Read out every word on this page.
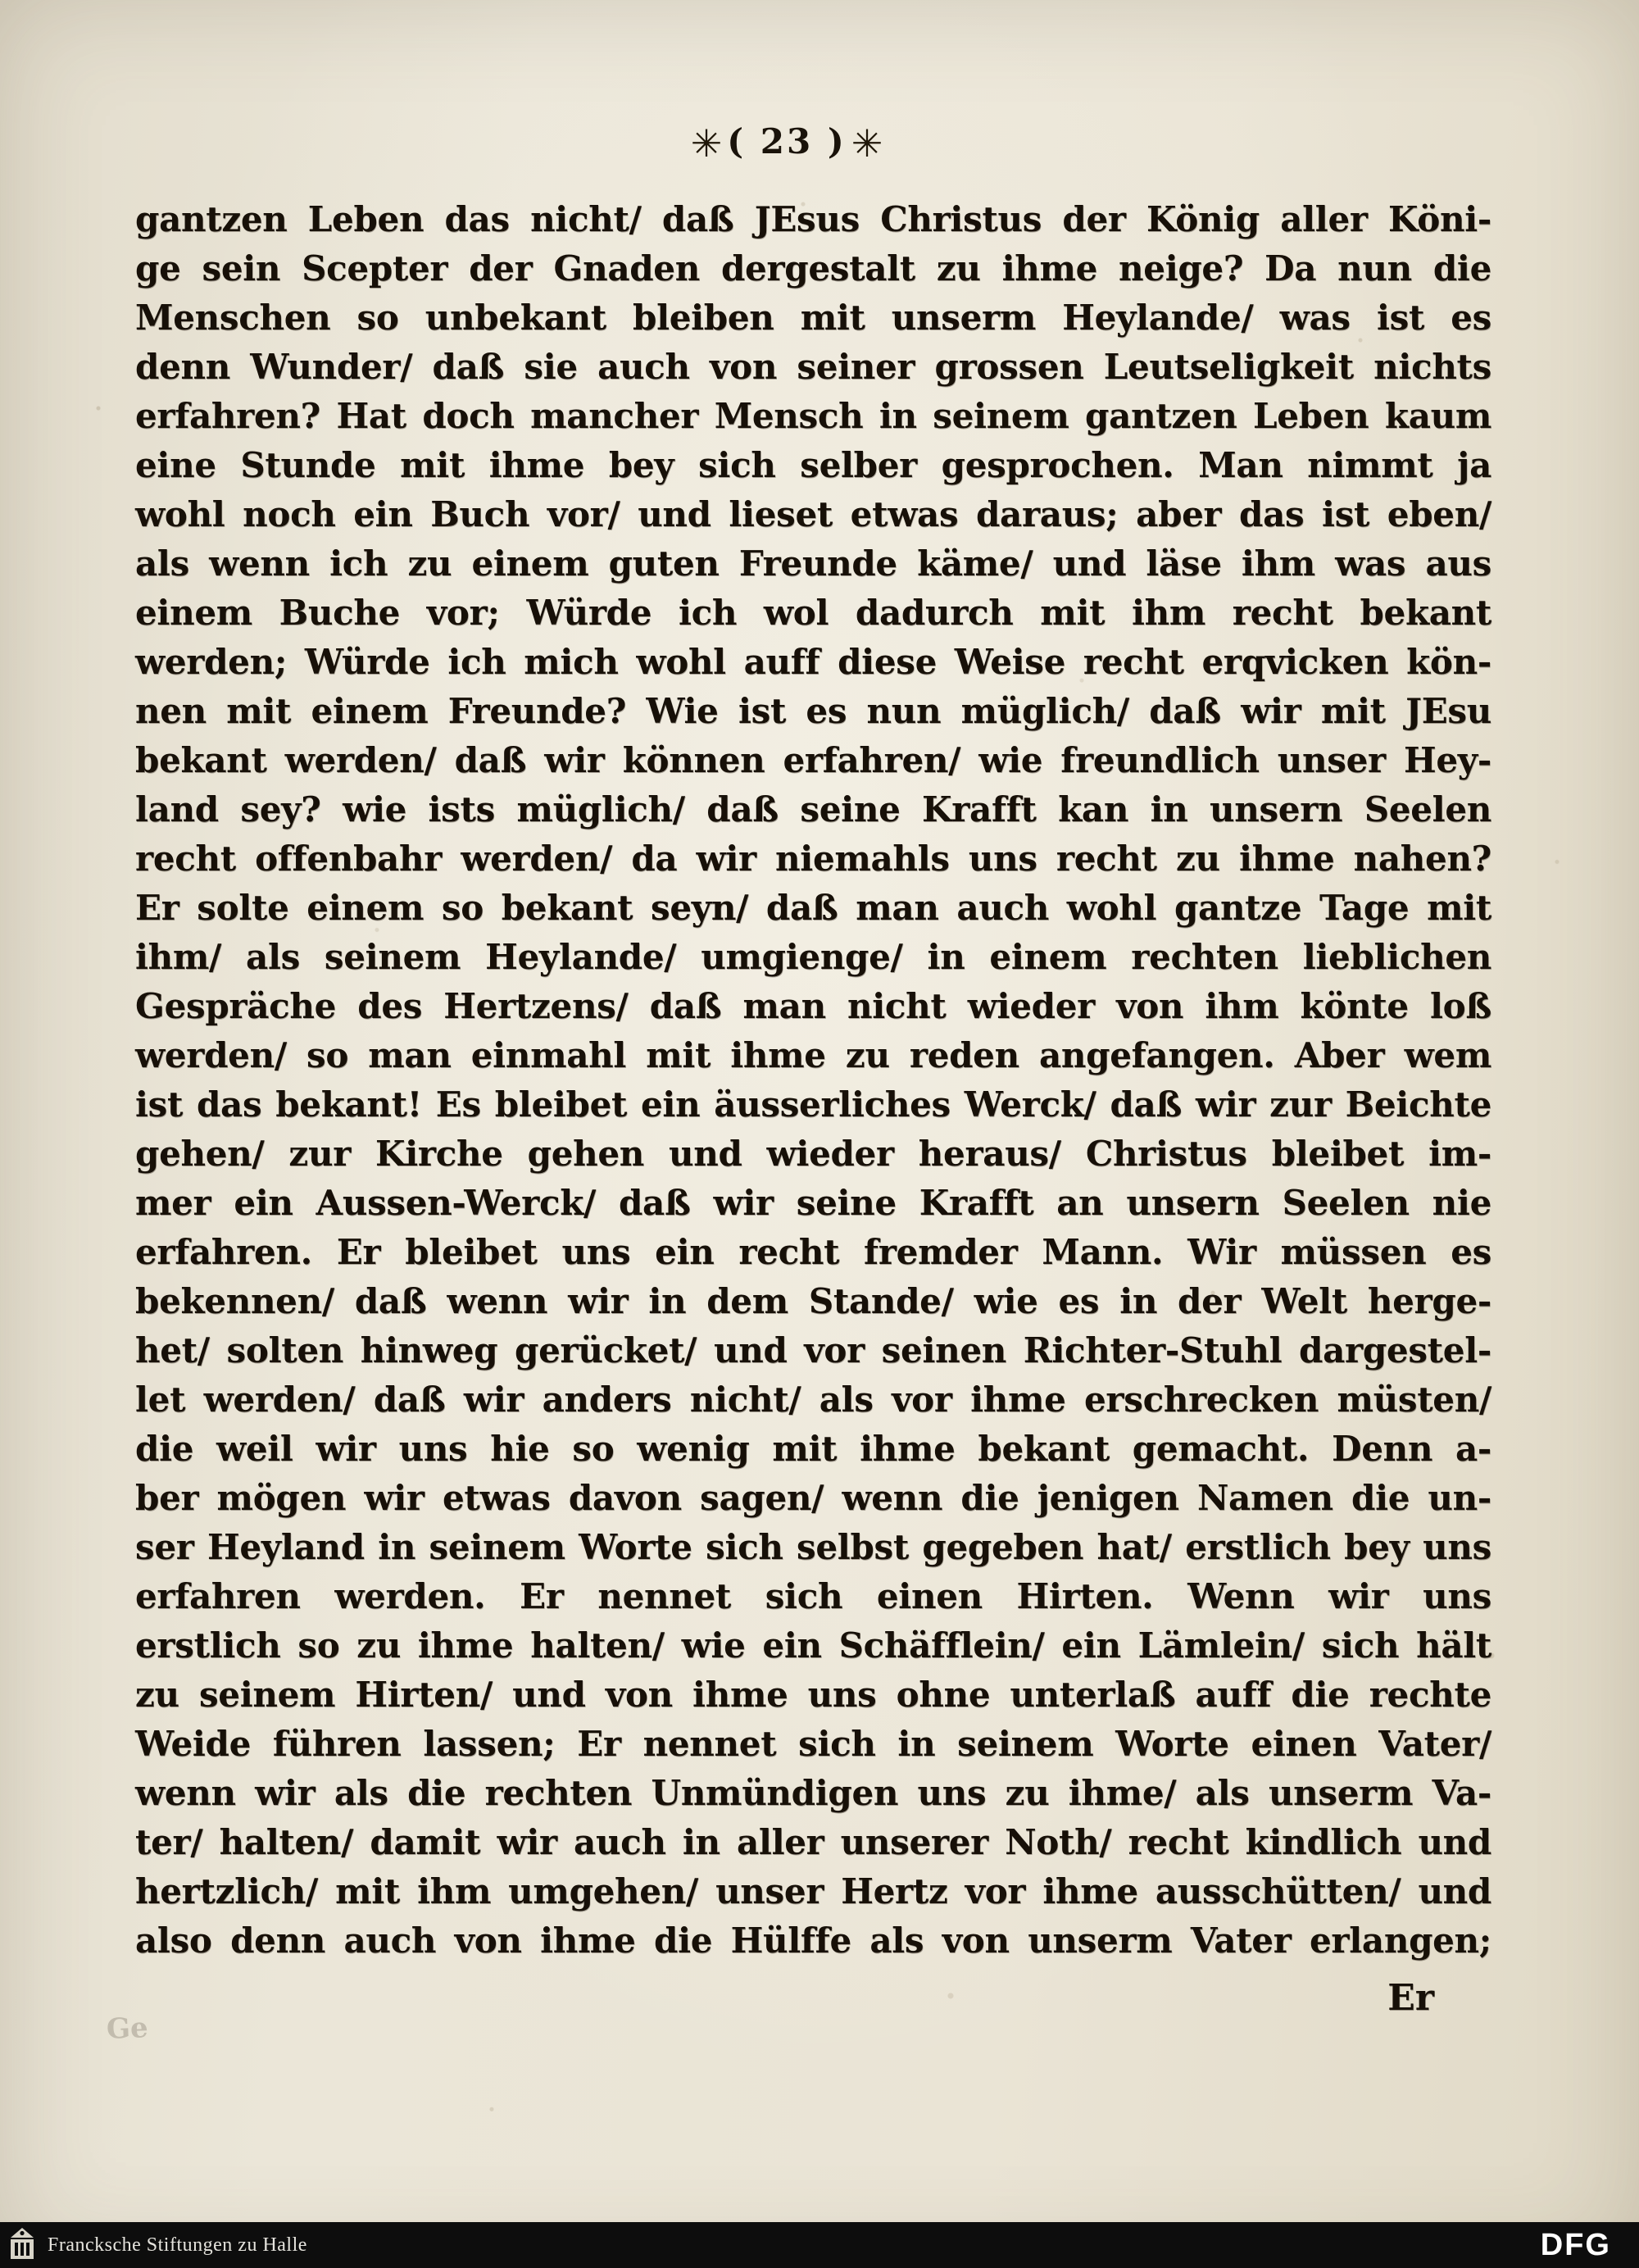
✳ ( 23 ) ✳
gantzen Leben das nicht/ daß JEsus Christus der König aller Köni-
ge sein Scepter der Gnaden dergestalt zu ihme neige? Da nun die
Menschen so unbekant bleiben mit unserm Heylande/ was ist es
denn Wunder/ daß sie auch von seiner grossen Leutseligkeit nichts
erfahren? Hat doch mancher Mensch in seinem gantzen Leben kaum
eine Stunde mit ihme bey sich selber gesprochen. Man nimmt ja
wohl noch ein Buch vor/ und lieset etwas daraus; aber das ist eben/
als wenn ich zu einem guten Freunde käme/ und läse ihm was aus
einem Buche vor; Würde ich wol dadurch mit ihm recht bekant
werden; Würde ich mich wohl auff diese Weise recht erqvicken kön-
nen mit einem Freunde? Wie ist es nun müglich/ daß wir mit JEsu
bekant werden/ daß wir können erfahren/ wie freundlich unser Hey-
land sey? wie ists müglich/ daß seine Krafft kan in unsern Seelen
recht offenbahr werden/ da wir niemahls uns recht zu ihme nahen?
Er solte einem so bekant seyn/ daß man auch wohl gantze Tage mit
ihm/ als seinem Heylande/ umgienge/ in einem rechten lieblichen
Gespräche des Hertzens/ daß man nicht wieder von ihm könte loß
werden/ so man einmahl mit ihme zu reden angefangen. Aber wem
ist das bekant! Es bleibet ein äusserliches Werck/ daß wir zur Beichte
gehen/ zur Kirche gehen und wieder heraus/ Christus bleibet im-
mer ein Aussen-Werck/ daß wir seine Krafft an unsern Seelen nie
erfahren. Er bleibet uns ein recht fremder Mann. Wir müssen es
bekennen/ daß wenn wir in dem Stande/ wie es in der Welt herge-
het/ solten hinweg gerücket/ und vor seinen Richter-Stuhl dargestel-
let werden/ daß wir anders nicht/ als vor ihme erschrecken müsten/
die weil wir uns hie so wenig mit ihme bekant gemacht. Denn a-
ber mögen wir etwas davon sagen/ wenn die jenigen Namen die un-
ser Heyland in seinem Worte sich selbst gegeben hat/ erstlich bey uns
erfahren werden. Er nennet sich einen Hirten. Wenn wir uns
erstlich so zu ihme halten/ wie ein Schäfflein/ ein Lämlein/ sich hält
zu seinem Hirten/ und von ihme uns ohne unterlaß auff die rechte
Weide führen lassen; Er nennet sich in seinem Worte einen Vater/
wenn wir als die rechten Unmündigen uns zu ihme/ als unserm Va-
ter/ halten/ damit wir auch in aller unserer Noth/ recht kindlich und
hertzlich/ mit ihm umgehen/ unser Hertz vor ihme ausschütten/ und
also denn auch von ihme die Hülffe als von unserm Vater erlangen;
Er
Ge
Francksche Stiftungen zu Halle	DFG
